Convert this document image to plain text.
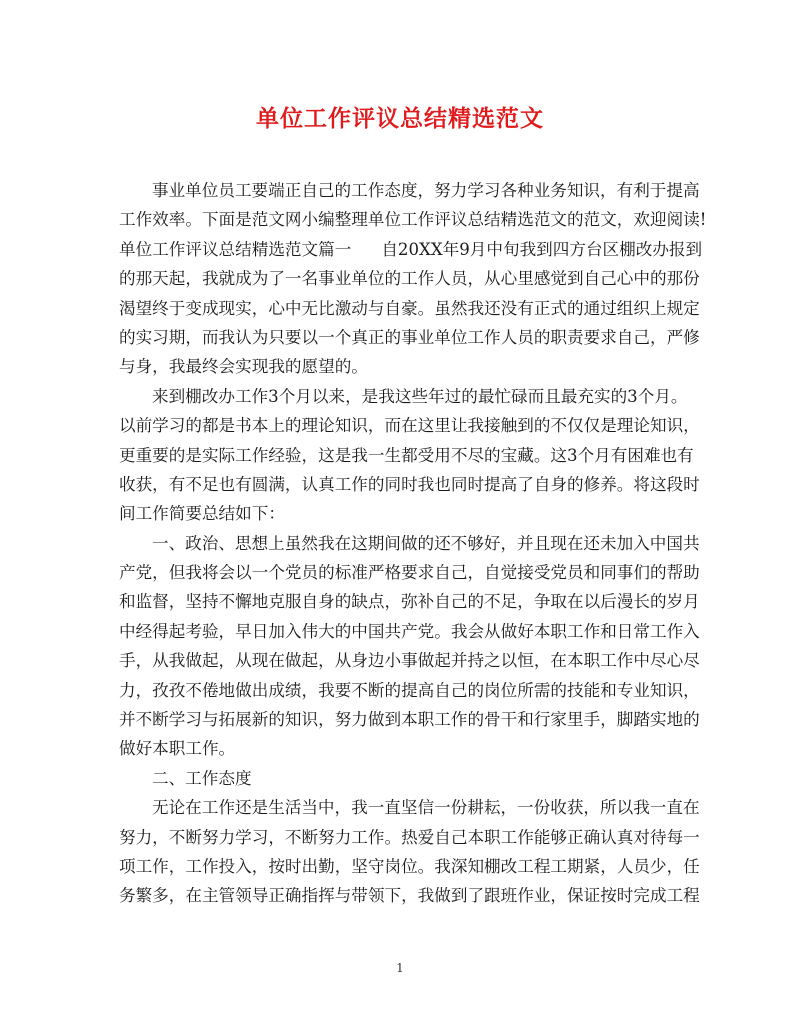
单位工作评议总结精选范文
事业单位员工要端正自己的工作态度，努力学习各种业务知识，有利于提高
工作效率。下面是范文网小编整理单位工作评议总结精选范文的范文，欢迎阅读!
单位工作评议总结精选范文篇一 自20XX年9月中旬我到四方台区棚改办报到
的那天起，我就成为了一名事业单位的工作人员，从心里感觉到自己心中的那份
渴望终于变成现实，心中无比激动与自豪。虽然我还没有正式的通过组织上规定
的实习期，而我认为只要以一个真正的事业单位工作人员的职责要求自己，严修
与身，我最终会实现我的愿望的。
来到棚改办工作3个月以来，是我这些年过的最忙碌而且最充实的3个月。
以前学习的都是书本上的理论知识，而在这里让我接触到的不仅仅是理论知识，
更重要的是实际工作经验，这是我一生都受用不尽的宝藏。这3个月有困难也有
收获，有不足也有圆满，认真工作的同时我也同时提高了自身的修养。将这段时
间工作简要总结如下：
一、政治、思想上虽然我在这期间做的还不够好，并且现在还未加入中国共
产党，但我将会以一个党员的标准严格要求自己，自觉接受党员和同事们的帮助
和监督，坚持不懈地克服自身的缺点，弥补自己的不足，争取在以后漫长的岁月
中经得起考验，早日加入伟大的中国共产党。我会从做好本职工作和日常工作入
手，从我做起，从现在做起，从身边小事做起并持之以恒，在本职工作中尽心尽
力，孜孜不倦地做出成绩，我要不断的提高自己的岗位所需的技能和专业知识，
并不断学习与拓展新的知识，努力做到本职工作的骨干和行家里手，脚踏实地的
做好本职工作。
二、工作态度
无论在工作还是生活当中，我一直坚信一份耕耘，一份收获，所以我一直在
努力，不断努力学习，不断努力工作。热爱自己本职工作能够正确认真对待每一
项工作，工作投入，按时出勤，坚守岗位。我深知棚改工程工期紧，人员少，任
务繁多，在主管领导正确指挥与带领下，我做到了跟班作业，保证按时完成工程
1
